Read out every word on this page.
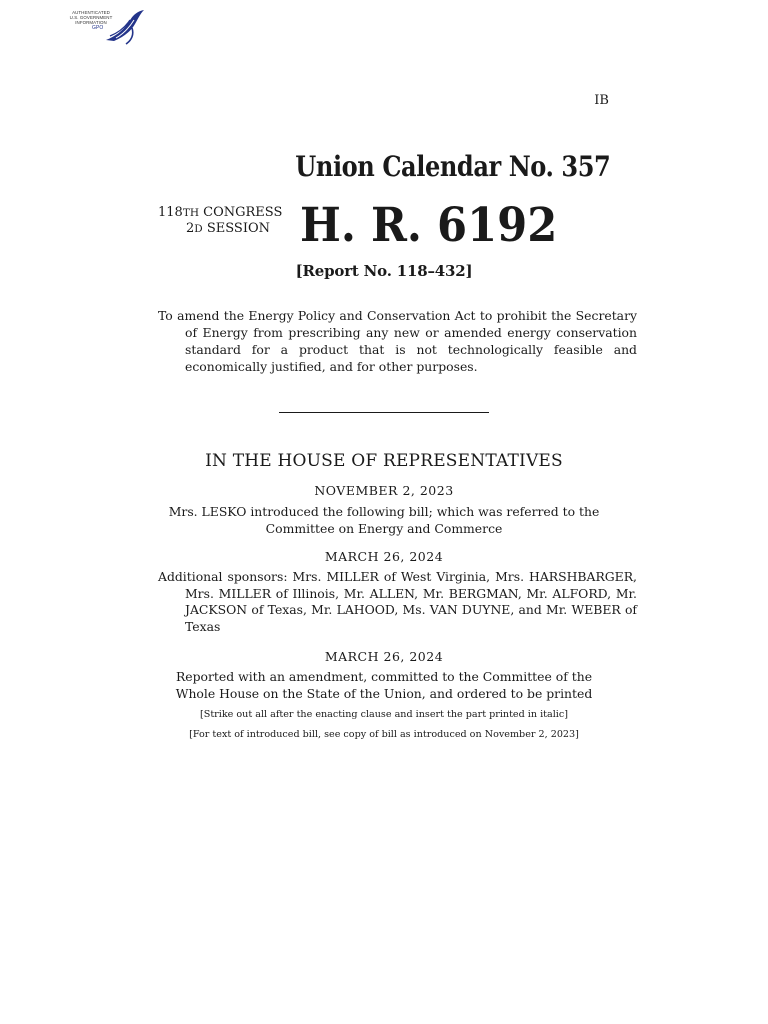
AUTHENTICATED
U.S. GOVERNMENT
INFORMATION
GPO
IB
Union Calendar No. 357
118TH CONGRESS
2D SESSION H. R. 6192
[Report No. 118–432]
To amend the Energy Policy and Conservation Act to prohibit the Secretary of Energy from prescribing any new or amended energy conservation standard for a product that is not technologically feasible and economically justified, and for other purposes.
IN THE HOUSE OF REPRESENTATIVES
NOVEMBER 2, 2023
Mrs. LESKO introduced the following bill; which was referred to the Committee on Energy and Commerce
MARCH 26, 2024
Additional sponsors: Mrs. MILLER of West Virginia, Mrs. HARSHBARGER, Mrs. MILLER of Illinois, Mr. ALLEN, Mr. BERGMAN, Mr. ALFORD, Mr. JACKSON of Texas, Mr. LAHOOD, Ms. VAN DUYNE, and Mr. WEBER of Texas
MARCH 26, 2024
Reported with an amendment, committed to the Committee of the Whole House on the State of the Union, and ordered to be printed
[Strike out all after the enacting clause and insert the part printed in italic]
[For text of introduced bill, see copy of bill as introduced on November 2, 2023]
